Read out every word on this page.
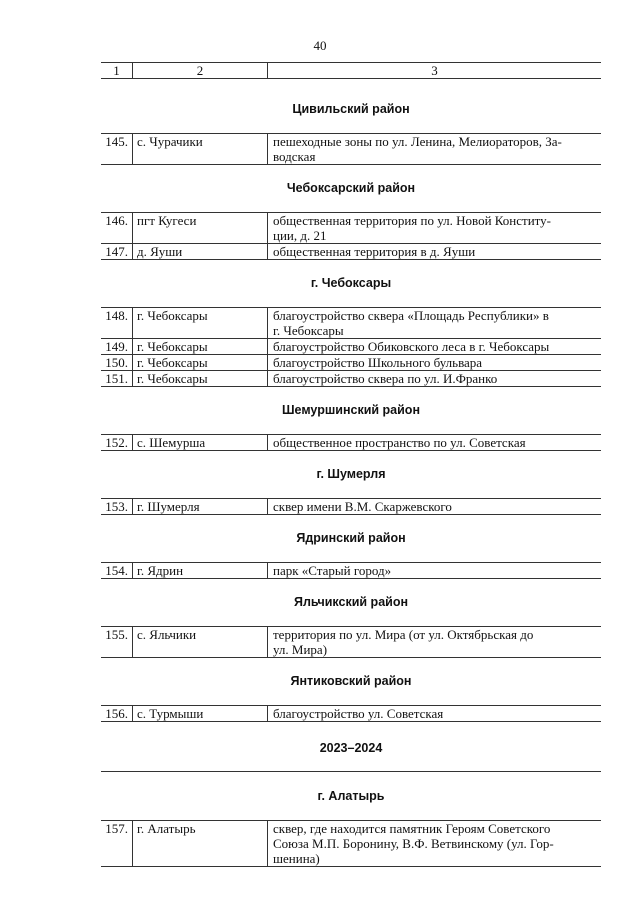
40
1	2	3
Цивильский район
145. с. Чурачики	пешеходные зоны по ул. Ленина, Мелиораторов, За-
водская
Чебоксарский район
146. пгт Кугеси	общественная территория по ул. Новой Конститу-
ции, д. 21
147. д. Яуши	общественная территория в д. Яуши
г. Чебоксары
148. г. Чебоксары	благоустройство сквера «Площадь Республики» в
г. Чебоксары
149. г. Чебоксары	благоустройство Обиковского леса в г. Чебоксары
150. г. Чебоксары	благоустройство Школьного бульвара
151. г. Чебоксары	благоустройство сквера по ул. И.Франко
Шемуршинский район
152. с. Шемурша	общественное пространство по ул. Советская
г. Шумерля
153. г. Шумерля	сквер имени В.М. Скаржевского
Ядринский район
154. г. Ядрин	парк «Старый город»
Яльчикский район
155. с. Яльчики	территория по ул. Мира (от ул. Октябрьская до
ул. Мира)
Янтиковский район
156. с. Турмыши	благоустройство ул. Советская
2023–2024
г. Алатырь
157. г. Алатырь	сквер, где находится памятник Героям Советского
Союза М.П. Боронину, В.Ф. Ветвинскому (ул. Гор-
шенина)
